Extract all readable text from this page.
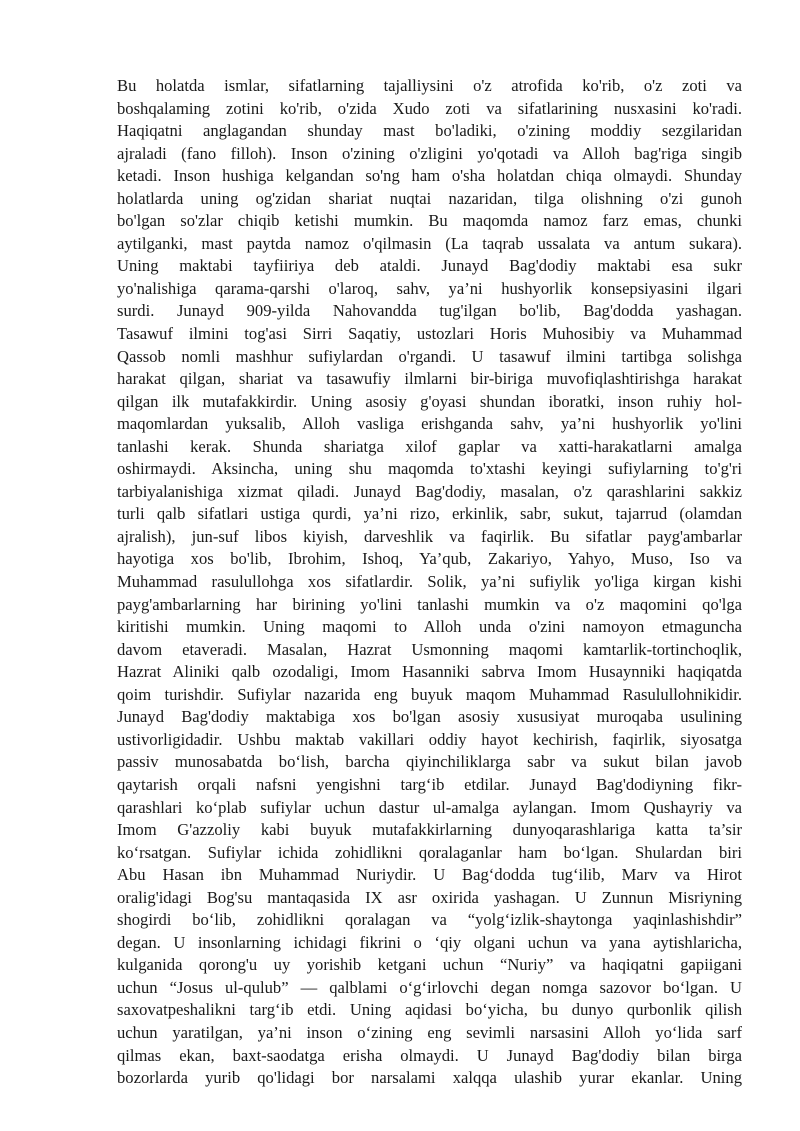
Bu holatda ismlar, sifatlarning tajalliysini o'z atrofida ko'rib, o'z zoti va
boshqalaming zotini ko'rib, o'zida Xudo zoti va sifatlarining nusxasini ko'radi.
Haqiqatni anglagandan shunday mast bo'ladiki, o'zining moddiy sezgilaridan
ajraladi (fano filloh). Inson o'zining o'zligini yo'qotadi va Alloh bag'riga singib
ketadi. Inson hushiga kelgandan so'ng ham o'sha holatdan chiqa olmaydi. Shunday
holatlarda uning og'zidan shariat nuqtai nazaridan, tilga olishning o'zi gunoh
bo'lgan so'zlar chiqib ketishi mumkin. Bu maqomda namoz farz emas, chunki
aytilganki, mast paytda namoz o'qilmasin (La taqrab ussalata va antum sukara).
Uning maktabi tayfiiriya deb ataldi. Junayd Bag'dodiy maktabi esa sukr
yo'nalishiga qarama-qarshi o'laroq, sahv, ya’ni hushyorlik konsepsiyasini ilgari
surdi. Junayd 909-yilda Nahovandda tug'ilgan bo'lib, Bag'dodda yashagan.
Tasawuf ilmini tog'asi Sirri Saqatiy, ustozlari Horis Muhosibiy va Muhammad
Qassob nomli mashhur sufiylardan o'rgandi. U tasawuf ilmini tartibga solishga
harakat qilgan, shariat va tasawufiy ilmlarni bir-biriga muvofiqlashtirishga harakat
qilgan ilk mutafakkirdir. Uning asosiy g'oyasi shundan iboratki, inson ruhiy hol-
maqomlardan yuksalib, Alloh vasliga erishganda sahv, ya’ni hushyorlik yo'lini
tanlashi kerak. Shunda shariatga xilof gaplar va xatti-harakatlarni amalga
oshirmaydi. Aksincha, uning shu maqomda to'xtashi keyingi sufiylarning to'g'ri
tarbiyalanishiga xizmat qiladi. Junayd Bag'dodiy, masalan, o'z qarashlarini sakkiz
turli qalb sifatlari ustiga qurdi, ya’ni rizo, erkinlik, sabr, sukut, tajarrud (olamdan
ajralish), jun-suf libos kiyish, darveshlik va faqirlik. Bu sifatlar payg'ambarlar
hayotiga xos bo'lib, Ibrohim, Ishoq, Ya’qub, Zakariyo, Yahyo, Muso, Iso va
Muhammad rasulullohga xos sifatlardir. Solik, ya’ni sufiylik yo'liga kirgan kishi
payg'ambarlarning har birining yo'lini tanlashi mumkin va o'z maqomini qo'lga
kiritishi mumkin. Uning maqomi to Alloh unda o'zini namoyon etmaguncha
davom etaveradi. Masalan, Hazrat Usmonning maqomi kamtarlik-tortinchoqlik,
Hazrat Aliniki qalb ozodaligi, Imom Hasanniki sabrva Imom Husaynniki haqiqatda
qoim turishdir. Sufiylar nazarida eng buyuk maqom Muhammad Rasulullohnikidir.
Junayd Bag'dodiy maktabiga xos bo'lgan asosiy xususiyat muroqaba usulining
ustivorligidadir. Ushbu maktab vakillari oddiy hayot kechirish, faqirlik, siyosatga
passiv munosabatda bo‘lish, barcha qiyinchiliklarga sabr va sukut bilan javob
qaytarish orqali nafsni yengishni targ‘ib etdilar. Junayd Bag'dodiyning fikr-
qarashlari ko‘plab sufiylar uchun dastur ul-amalga aylangan. Imom Qushayriy va
Imom G'azzoliy kabi buyuk mutafakkirlarning dunyoqarashlariga katta ta’sir
ko‘rsatgan. Sufiylar ichida zohidlikni qoralaganlar ham bo‘lgan. Shulardan biri
Abu Hasan ibn Muhammad Nuriydir. U Bag‘dodda tug‘ilib, Marv va Hirot
oralig'idagi Bog'su mantaqasida IX asr oxirida yashagan. U Zunnun Misriyning
shogirdi bo‘lib, zohidlikni qoralagan va “yolg‘izlik-shaytonga yaqinlashishdir”
degan. U insonlarning ichidagi fikrini o ‘qiy olgani uchun va yana aytishlaricha,
kulganida qorong'u uy yorishib ketgani uchun “Nuriy” va haqiqatni gapiigani
uchun “Josus ul-qulub” — qalblami o‘g‘irlovchi degan nomga sazovor bo‘lgan. U
saxovatpeshalikni targ‘ib etdi. Uning aqidasi bo‘yicha, bu dunyo qurbonlik qilish
uchun yaratilgan, ya’ni inson o‘zining eng sevimli narsasini Alloh yo‘lida sarf
qilmas ekan, baxt-saodatga erisha olmaydi. U Junayd Bag'dodiy bilan birga
bozorlarda yurib qo'lidagi bor narsalami xalqqa ulashib yurar ekanlar. Uning
